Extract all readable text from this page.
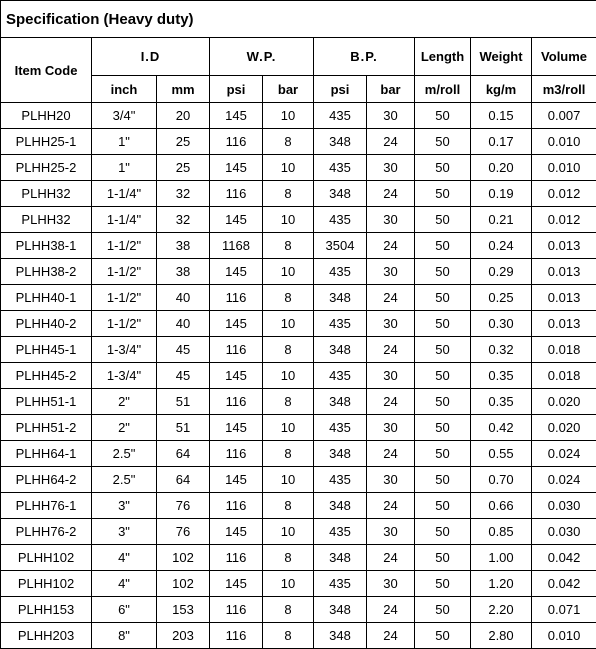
Specification (Heavy duty)									
Item Code	I.D		W.P.		B.P.		Length	Weight	Volume
	inch	mm	psi	bar	psi	bar	m/roll	kg/m	m3/roll
PLHH20	3/4"	20	145	10	435	30	50	0.15	0.007
PLHH25-1	1"	25	116	8	348	24	50	0.17	0.010
PLHH25-2	1"	25	145	10	435	30	50	0.20	0.010
PLHH32	1-1/4"	32	116	8	348	24	50	0.19	0.012
PLHH32	1-1/4"	32	145	10	435	30	50	0.21	0.012
PLHH38-1	1-1/2"	38	1168	8	3504	24	50	0.24	0.013
PLHH38-2	1-1/2"	38	145	10	435	30	50	0.29	0.013
PLHH40-1	1-1/2"	40	116	8	348	24	50	0.25	0.013
PLHH40-2	1-1/2"	40	145	10	435	30	50	0.30	0.013
PLHH45-1	1-3/4"	45	116	8	348	24	50	0.32	0.018
PLHH45-2	1-3/4"	45	145	10	435	30	50	0.35	0.018
PLHH51-1	2"	51	116	8	348	24	50	0.35	0.020
PLHH51-2	2"	51	145	10	435	30	50	0.42	0.020
PLHH64-1	2.5"	64	116	8	348	24	50	0.55	0.024
PLHH64-2	2.5"	64	145	10	435	30	50	0.70	0.024
PLHH76-1	3"	76	116	8	348	24	50	0.66	0.030
PLHH76-2	3"	76	145	10	435	30	50	0.85	0.030
PLHH102	4"	102	116	8	348	24	50	1.00	0.042
PLHH102	4"	102	145	10	435	30	50	1.20	0.042
PLHH153	6"	153	116	8	348	24	50	2.20	0.071
PLHH203	8"	203	116	8	348	24	50	2.80	0.010
